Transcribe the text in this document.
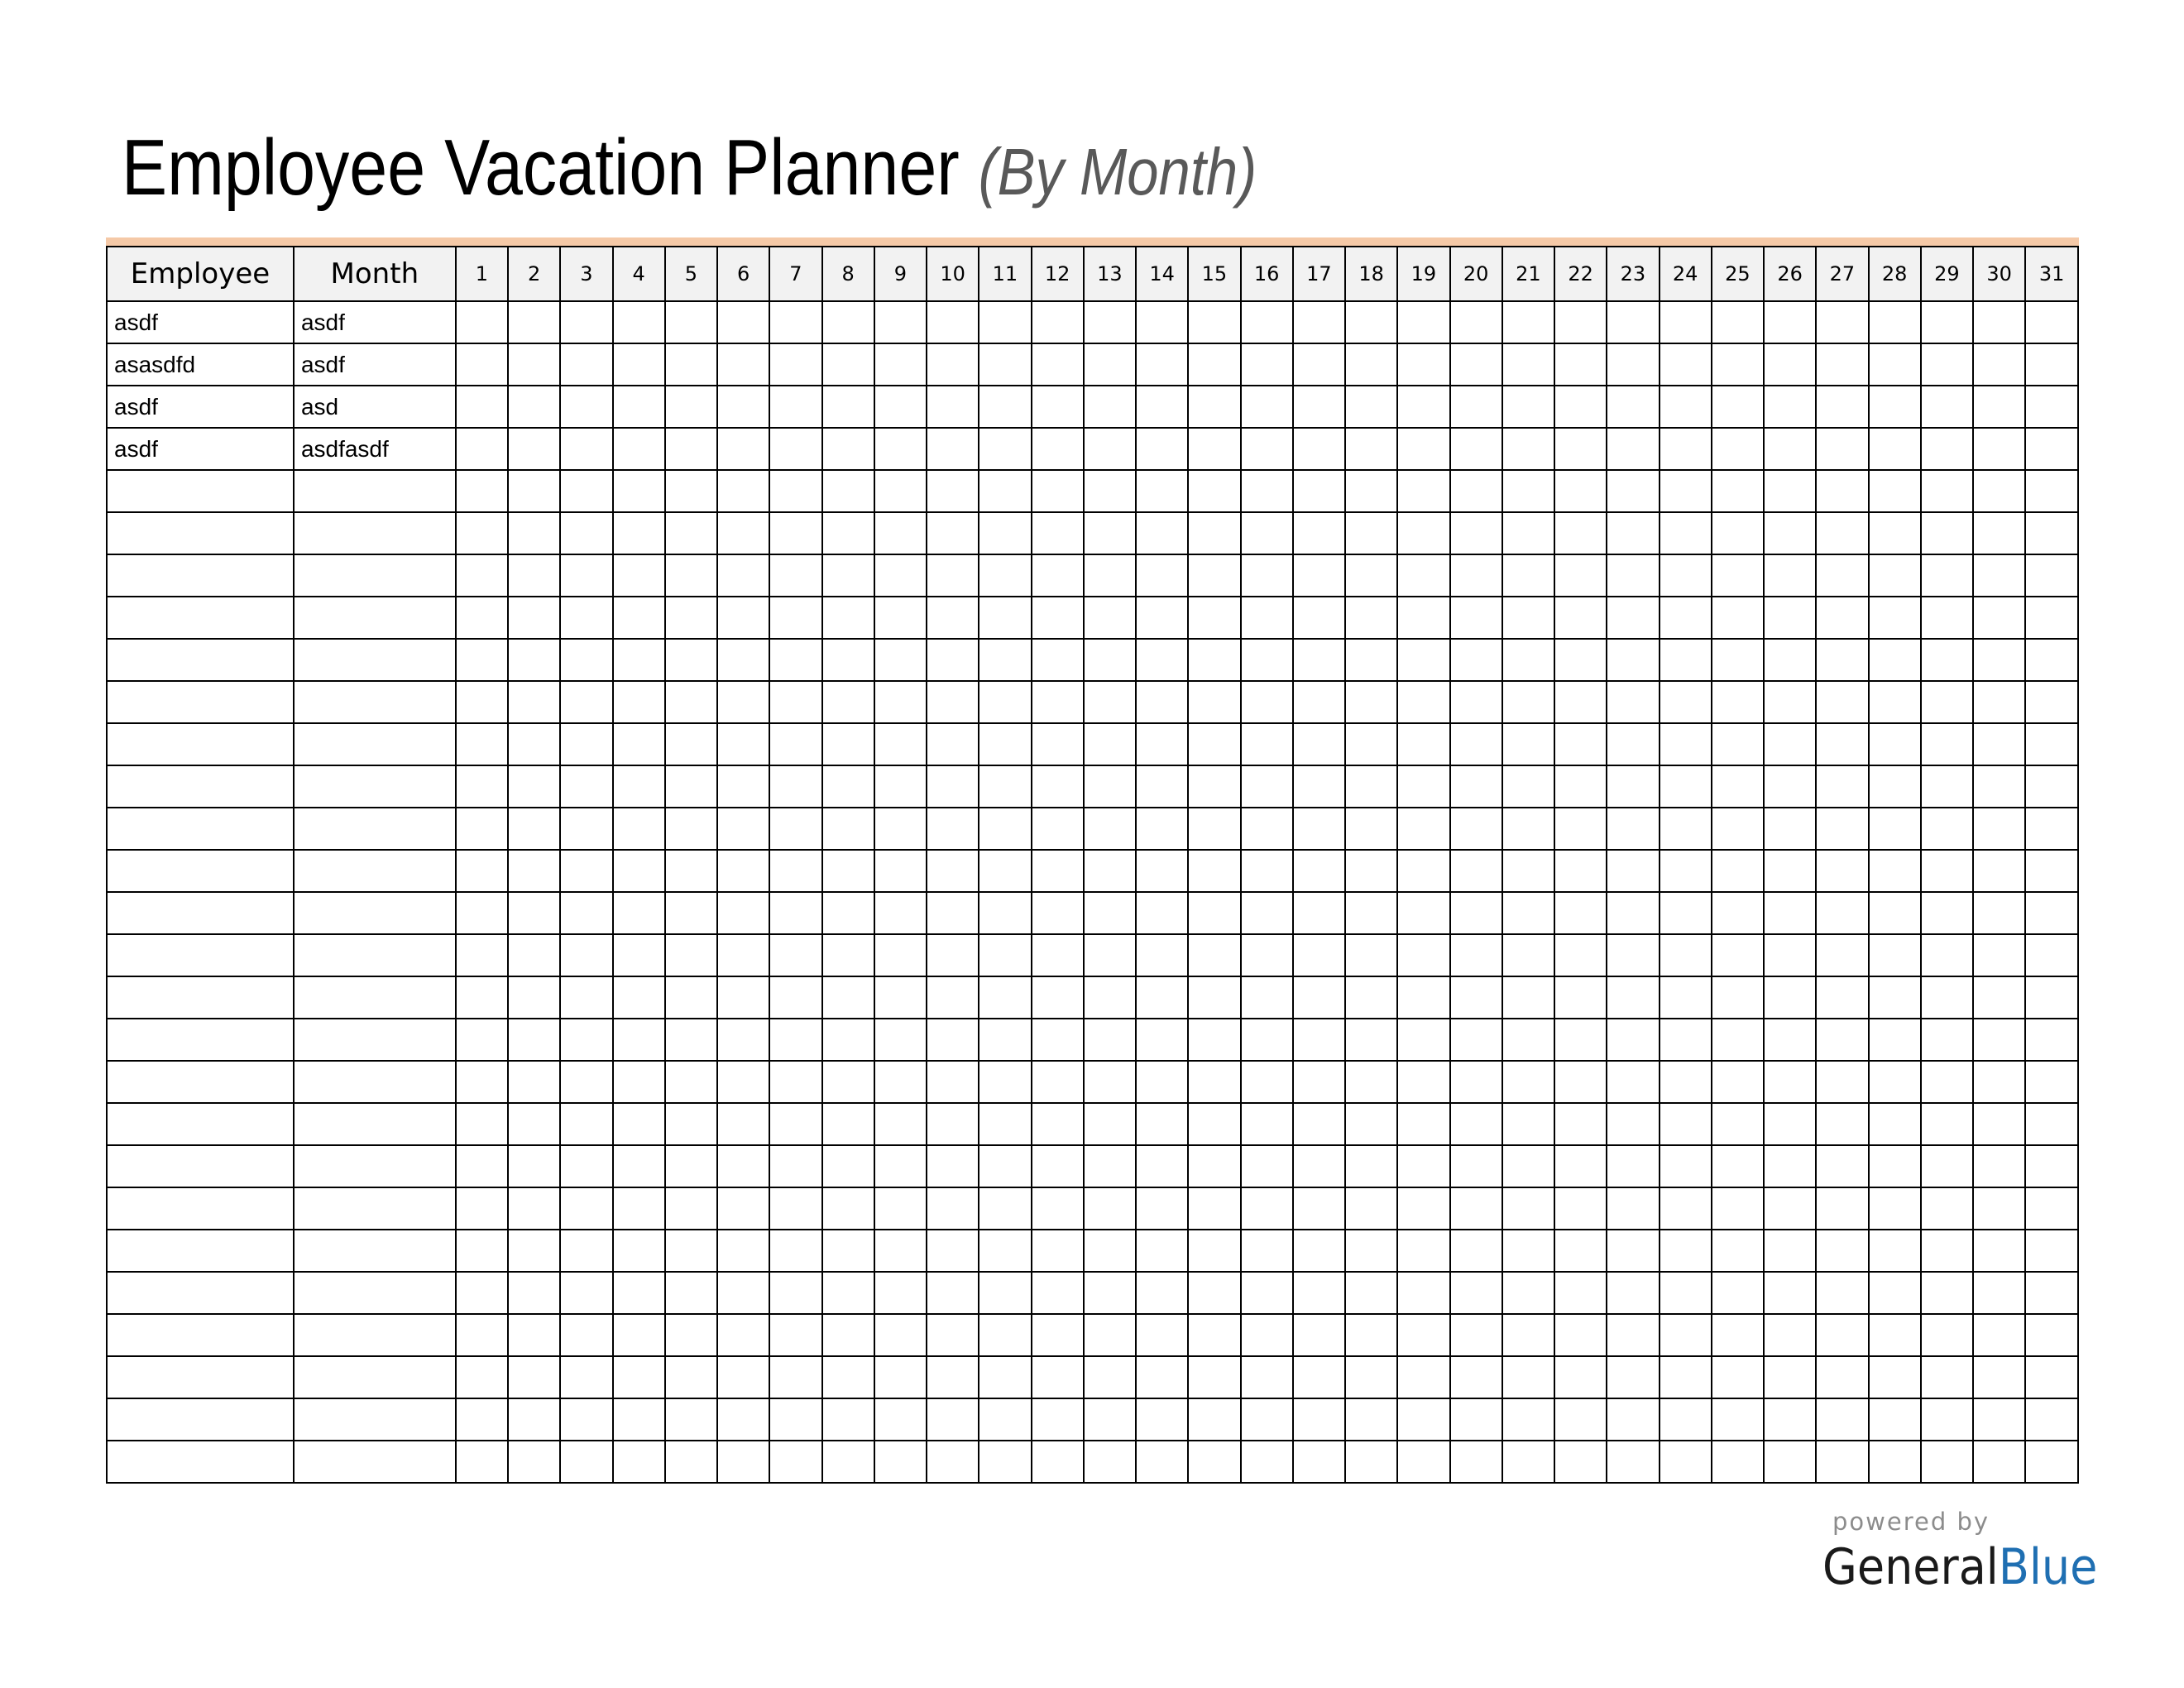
Employee Vacation Planner (By Month)
Employee	Month	1	2	3	4	5	6	7	8	9	10	11	12	13	14	15	16	17	18	19	20	21	22	23	24	25	26	27	28	29	30	31
asdf	asdf																															
asasdfd	asdf																															
asdf	asd																															
asdf	asdfasdf																															

powered by
GeneralBlue
